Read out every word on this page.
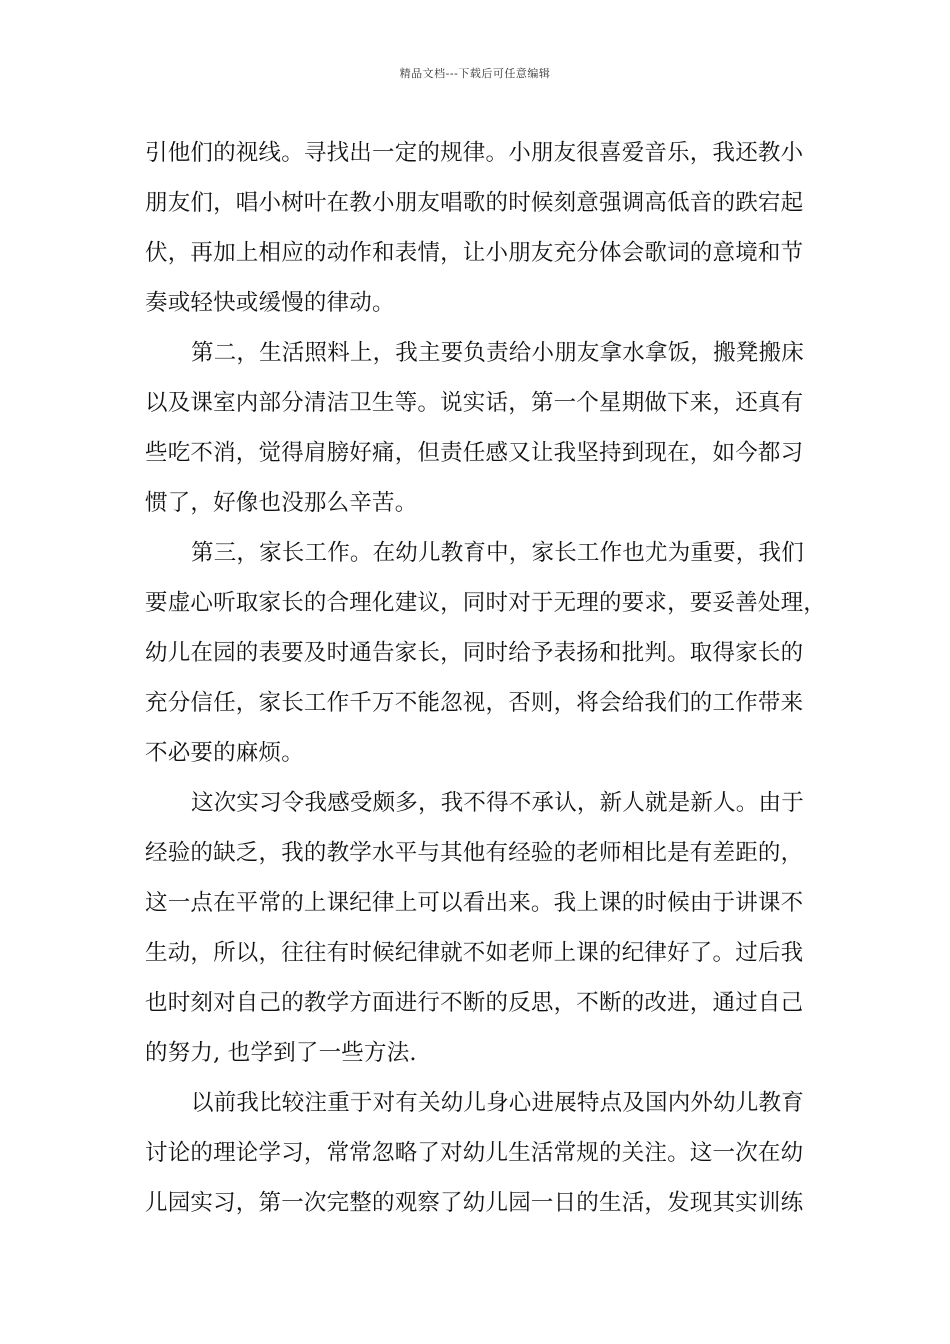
精品文档---下载后可任意编辑
引他们的视线。寻找出一定的规律。小朋友很喜爱音乐，我还教小
朋友们，唱小树叶在教小朋友唱歌的时候刻意强调高低音的跌宕起
伏，再加上相应的动作和表情，让小朋友充分体会歌词的意境和节
奏或轻快或缓慢的律动。
第二，生活照料上，我主要负责给小朋友拿水拿饭，搬凳搬床
以及课室内部分清洁卫生等。说实话，第一个星期做下来，还真有
些吃不消，觉得肩膀好痛，但责任感又让我坚持到现在，如今都习
惯了，好像也没那么辛苦。
第三，家长工作。在幼儿教育中，家长工作也尤为重要，我们
要虚心听取家长的合理化建议，同时对于无理的要求，要妥善处理，
幼儿在园的表要及时通告家长，同时给予表扬和批判。取得家长的
充分信任，家长工作千万不能忽视，否则，将会给我们的工作带来
不必要的麻烦。
这次实习令我感受颇多，我不得不承认，新人就是新人。由于
经验的缺乏，我的教学水平与其他有经验的老师相比是有差距的，
这一点在平常的上课纪律上可以看出来。我上课的时候由于讲课不
生动，所以，往往有时候纪律就不如老师上课的纪律好了。过后我
也时刻对自己的教学方面进行不断的反思，不断的改进，通过自己
的努力, 也学到了一些方法.
以前我比较注重于对有关幼儿身心进展特点及国内外幼儿教育
讨论的理论学习，常常忽略了对幼儿生活常规的关注。这一次在幼
儿园实习，第一次完整的观察了幼儿园一日的生活，发现其实训练
